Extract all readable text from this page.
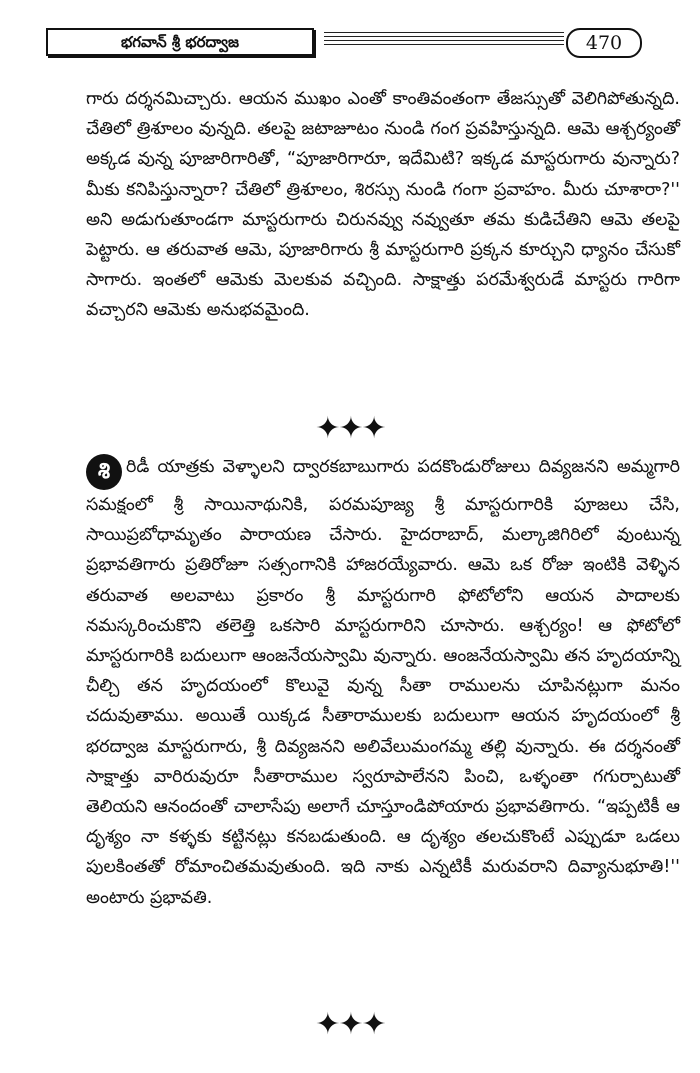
భగవాన్ శ్రీ భరద్వాజ	470
గారు దర్శనమిచ్చారు. ఆయన ముఖం ఎంతో కాంతివంతంగా తేజస్సుతో వెలిగిపోతున్నది. చేతిలో త్రిశూలం వున్నది. తలపై జటాజూటం నుండి గంగ ప్రవహిస్తున్నది. ఆమె ఆశ్చర్యంతో అక్కడ వున్న పూజారిగారితో, “పూజారిగారూ, ఇదేమిటి? ఇక్కడ మాస్టరుగారు వున్నారు? మీకు కనిపిస్తున్నారా? చేతిలో త్రిశూలం, శిరస్సు నుండి గంగా ప్రవాహం. మీరు చూశారా?'' అని అడుగుతూండగా మాస్టరుగారు చిరునవ్వు నవ్వుతూ తమ కుడిచేతిని ఆమె తలపై పెట్టారు. ఆ తరువాత ఆమె, పూజారిగారు శ్రీ మాస్టరుగారి ప్రక్కన కూర్చుని ధ్యానం చేసుకో సాగారు. ఇంతలో ఆమెకు మెలకువ వచ్చింది. సాక్షాత్తు పరమేశ్వరుడే మాస్టరు గారిగా వచ్చారని ఆమెకు అనుభవమైంది.
✦✦✦
శి రిడీ యాత్రకు వెళ్ళాలని ద్వారకబాబుగారు పదకొండురోజులు దివ్యజనని అమ్మగారి సమక్షంలో శ్రీ సాయినాథునికి, పరమపూజ్య శ్రీ మాస్టరుగారికి పూజలు చేసి, సాయిప్రబోధామృతం పారాయణ చేసారు. హైదరాబాద్, మల్కాజిగిరిలో వుంటున్న ప్రభావతిగారు ప్రతిరోజూ సత్సంగానికి హాజరయ్యేవారు. ఆమె ఒక రోజు ఇంటికి వెళ్ళిన తరువాత అలవాటు ప్రకారం శ్రీ మాస్టరుగారి ఫోటోలోని ఆయన పాదాలకు నమస్కరించుకొని తలెత్తి ఒకసారి మాస్టరుగారిని చూసారు. ఆశ్చర్యం! ఆ ఫోటోలో మాస్టరుగారికి బదులుగా ఆంజనేయస్వామి వున్నారు. ఆంజనేయస్వామి తన హృదయాన్ని చీల్చి తన హృదయంలో కొలువై వున్న సీతా రాములను చూపినట్లుగా మనం చదువుతాము. అయితే యిక్కడ సీతారాములకు బదులుగా ఆయన హృదయంలో శ్రీ భరద్వాజ మాస్టరుగారు, శ్రీ దివ్యజనని అలివేలుమంగమ్మ తల్లి వున్నారు. ఈ దర్శనంతో సాక్షాత్తు వారిరువురూ సీతారాముల స్వరూపాలేనని పించి, ఒళ్ళంతా గగుర్పాటుతో తెలియని ఆనందంతో చాలాసేపు అలాగే చూస్తూండిపోయారు ప్రభావతిగారు. “ఇప్పటికీ ఆ దృశ్యం నా కళ్ళకు కట్టినట్లు కనబడుతుంది. ఆ దృశ్యం తలచుకొంటే ఎప్పుడూ ఒడలు పులకింతతో రోమాంచితమవుతుంది. ఇది నాకు ఎన్నటికీ మరువరాని దివ్యానుభూతి!'' అంటారు ప్రభావతి.
✦✦✦
